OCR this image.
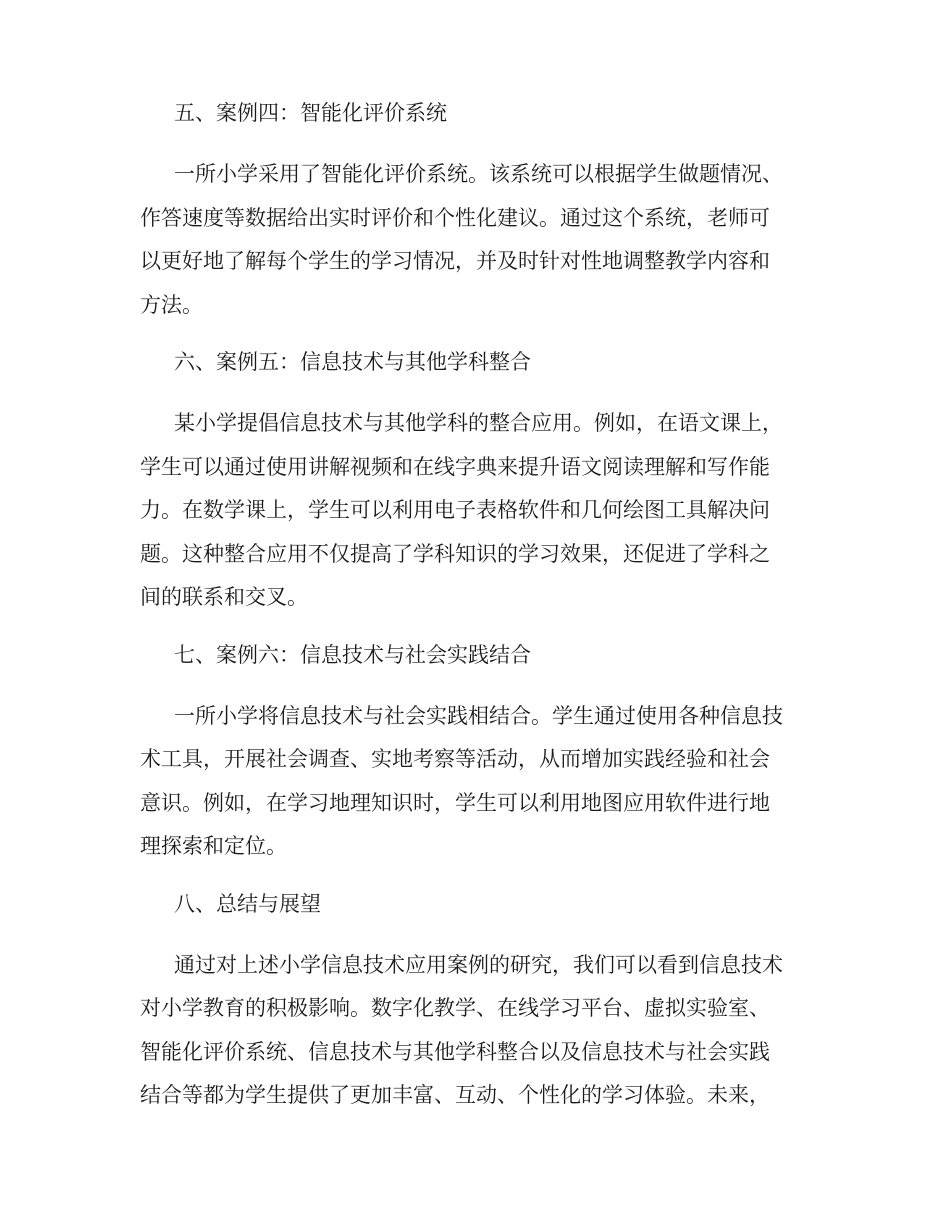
五、案例四：智能化评价系统
一所小学采用了智能化评价系统。该系统可以根据学生做题情况、
作答速度等数据给出实时评价和个性化建议。通过这个系统，老师可
以更好地了解每个学生的学习情况，并及时针对性地调整教学内容和
方法。
六、案例五：信息技术与其他学科整合
某小学提倡信息技术与其他学科的整合应用。例如，在语文课上，
学生可以通过使用讲解视频和在线字典来提升语文阅读理解和写作能
力。在数学课上，学生可以利用电子表格软件和几何绘图工具解决问
题。这种整合应用不仅提高了学科知识的学习效果，还促进了学科之
间的联系和交叉。
七、案例六：信息技术与社会实践结合
一所小学将信息技术与社会实践相结合。学生通过使用各种信息技
术工具，开展社会调查、实地考察等活动，从而增加实践经验和社会
意识。例如，在学习地理知识时，学生可以利用地图应用软件进行地
理探索和定位。
八、总结与展望
通过对上述小学信息技术应用案例的研究，我们可以看到信息技术
对小学教育的积极影响。数字化教学、在线学习平台、虚拟实验室、
智能化评价系统、信息技术与其他学科整合以及信息技术与社会实践
结合等都为学生提供了更加丰富、互动、个性化的学习体验。未来，
